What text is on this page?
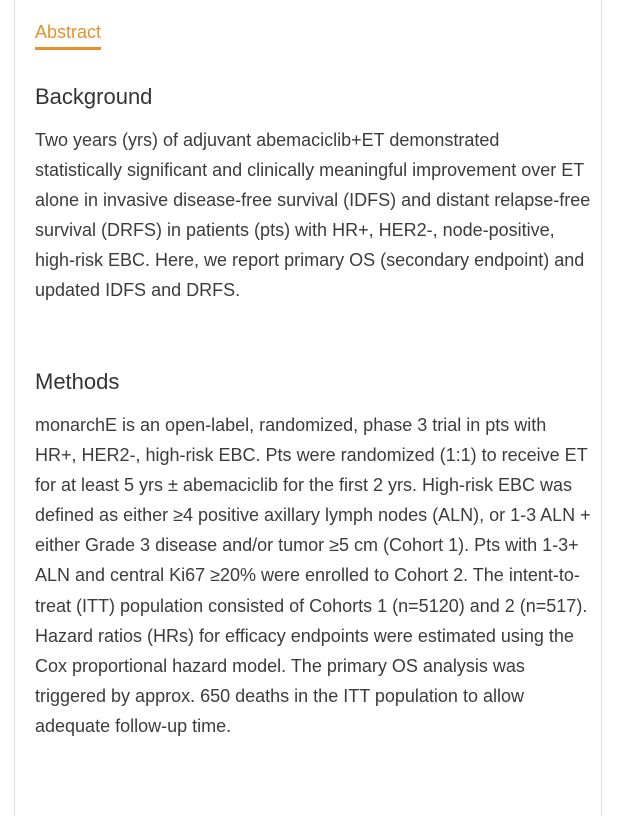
Abstract
Background

Two years (yrs) of adjuvant abemaciclib+ET demonstrated statistically significant and clinically meaningful improvement over ET alone in invasive disease-free survival (IDFS) and distant relapse-free survival (DRFS) in patients (pts) with HR+, HER2-, node-positive, high-risk EBC. Here, we report primary OS (secondary endpoint) and updated IDFS and DRFS.

Methods

monarchE is an open-label, randomized, phase 3 trial in pts with HR+, HER2-, high-risk EBC. Pts were randomized (1:1) to receive ET for at least 5 yrs ± abemaciclib for the first 2 yrs. High-risk EBC was defined as either ≥4 positive axillary lymph nodes (ALN), or 1-3 ALN + either Grade 3 disease and/or tumor ≥5 cm (Cohort 1). Pts with 1-3+ ALN and central Ki67 ≥20% were enrolled to Cohort 2. The intent-to-treat (ITT) population consisted of Cohorts 1 (n=5120) and 2 (n=517). Hazard ratios (HRs) for efficacy endpoints were estimated using the Cox proportional hazard model. The primary OS analysis was triggered by approx. 650 deaths in the ITT population to allow adequate follow-up time.
